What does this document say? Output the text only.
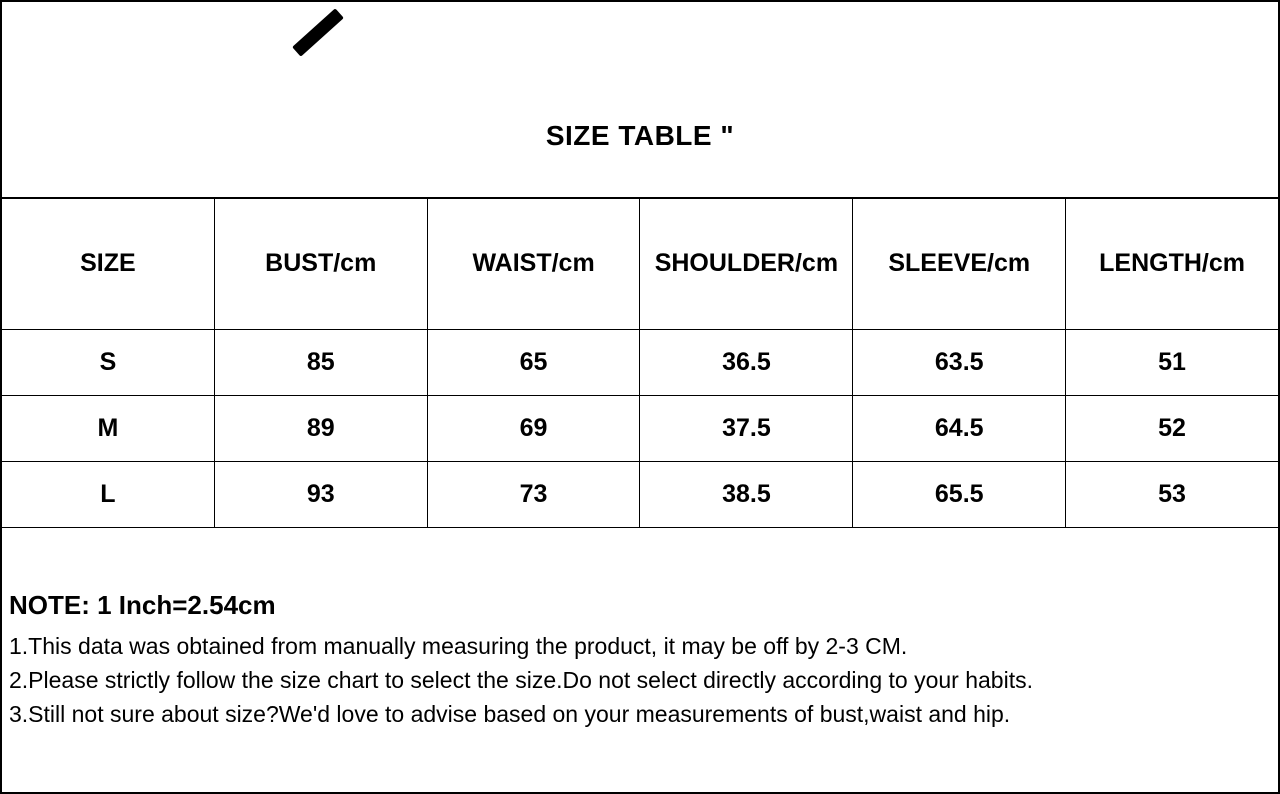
SIZE TABLE "
SIZE	BUST/cm	WAIST/cm	SHOULDER/cm	SLEEVE/cm	LENGTH/cm
S	85	65	36.5	63.5	51
M	89	69	37.5	64.5	52
L	93	73	38.5	65.5	53
NOTE: 1 Inch=2.54cm
1.This data was obtained from manually measuring the product, it may be off by 2-3 CM.
2.Please strictly follow the size chart to select the size.Do not select directly according to your habits.
3.Still not sure about size?We'd love to advise based on your measurements of bust,waist and hip.
